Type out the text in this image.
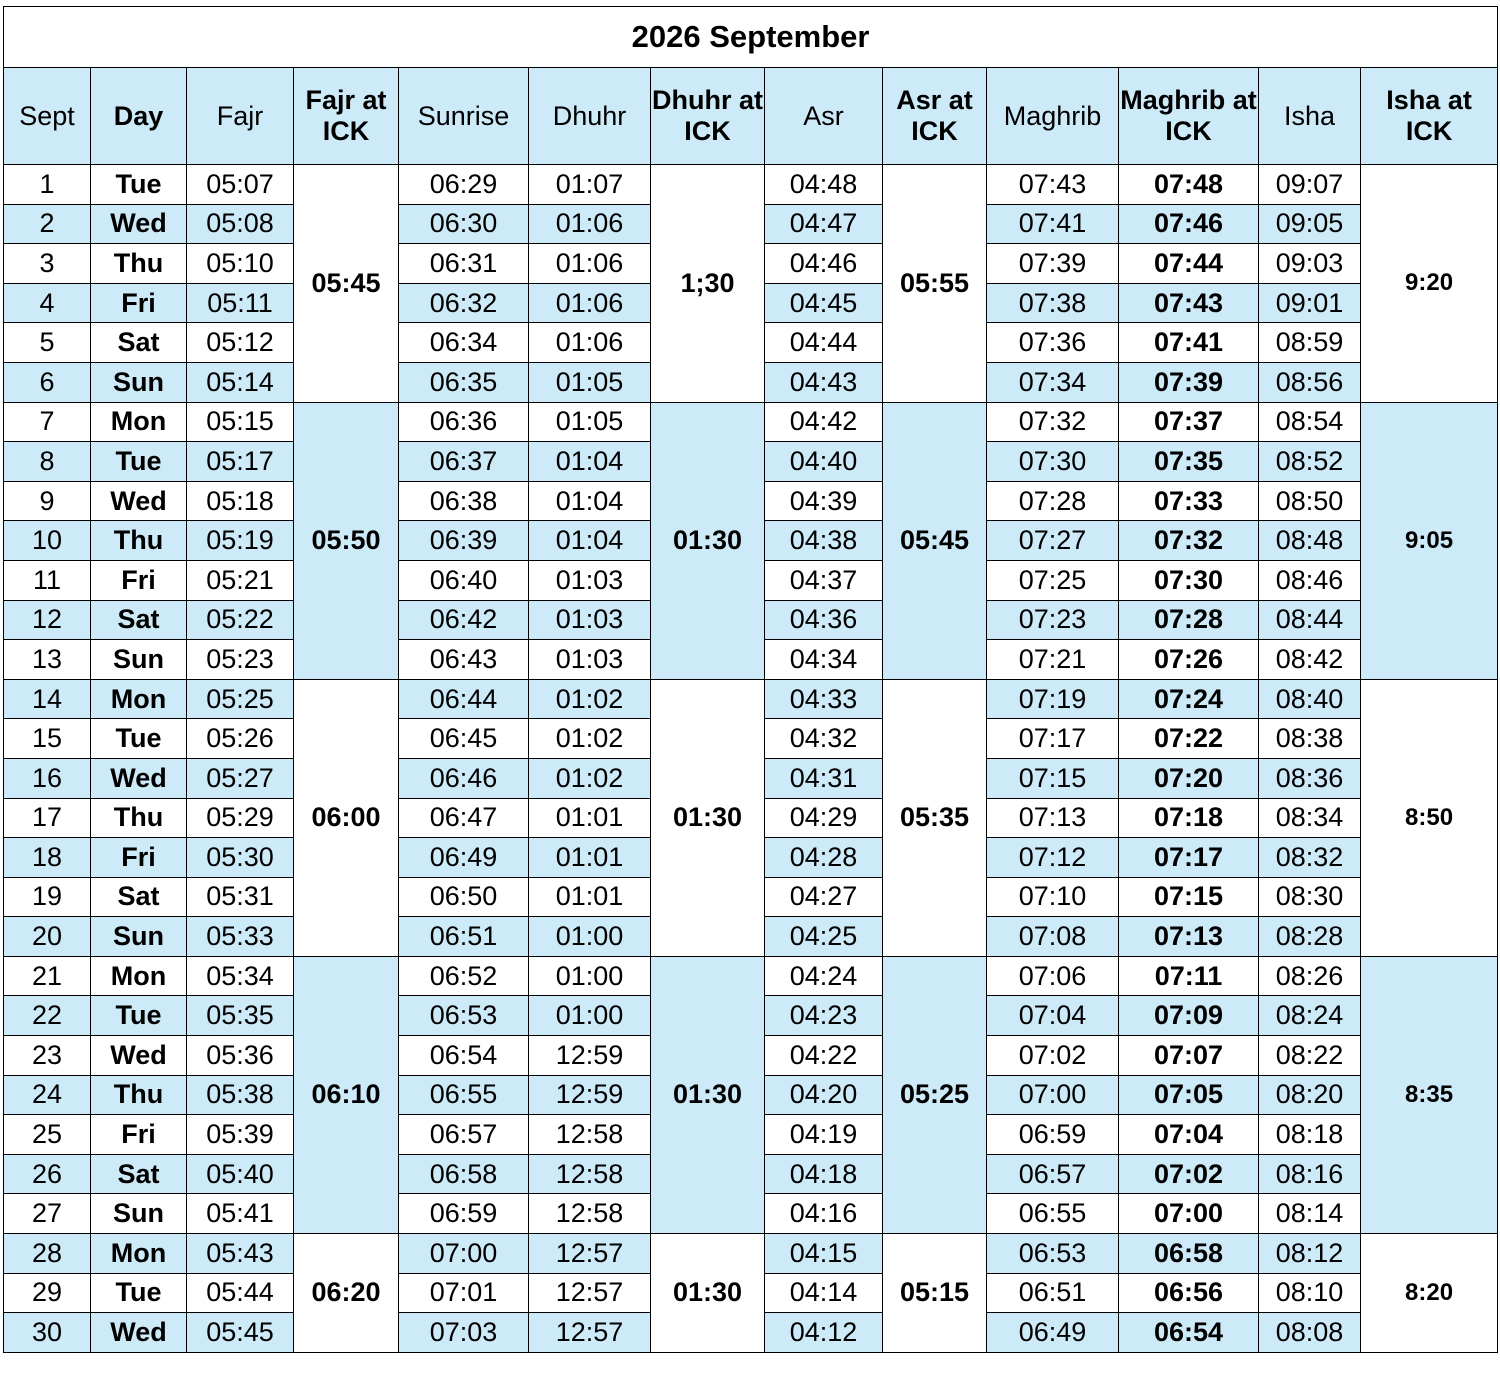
2026 September												
Sept	Day	Fajr	Fajr at ICK	Sunrise	Dhuhr	Dhuhr at ICK	Asr	Asr at ICK	Maghrib	Maghrib at ICK	Isha	Isha at ICK
1	Tue	05:07	05:45	06:29	01:07	1;30	04:48	05:55	07:43	07:48	09:07	9:20
2	Wed	05:08		06:30	01:06		04:47		07:41	07:46	09:05	
3	Thu	05:10		06:31	01:06		04:46		07:39	07:44	09:03	
4	Fri	05:11		06:32	01:06		04:45		07:38	07:43	09:01	
5	Sat	05:12		06:34	01:06		04:44		07:36	07:41	08:59	
6	Sun	05:14		06:35	01:05		04:43		07:34	07:39	08:56	
7	Mon	05:15	05:50	06:36	01:05	01:30	04:42	05:45	07:32	07:37	08:54	9:05
8	Tue	05:17		06:37	01:04		04:40		07:30	07:35	08:52	
9	Wed	05:18		06:38	01:04		04:39		07:28	07:33	08:50	
10	Thu	05:19		06:39	01:04		04:38		07:27	07:32	08:48	
11	Fri	05:21		06:40	01:03		04:37		07:25	07:30	08:46	
12	Sat	05:22		06:42	01:03		04:36		07:23	07:28	08:44	
13	Sun	05:23		06:43	01:03		04:34		07:21	07:26	08:42	
14	Mon	05:25	06:00	06:44	01:02	01:30	04:33	05:35	07:19	07:24	08:40	8:50
15	Tue	05:26		06:45	01:02		04:32		07:17	07:22	08:38	
16	Wed	05:27		06:46	01:02		04:31		07:15	07:20	08:36	
17	Thu	05:29		06:47	01:01		04:29		07:13	07:18	08:34	
18	Fri	05:30		06:49	01:01		04:28		07:12	07:17	08:32	
19	Sat	05:31		06:50	01:01		04:27		07:10	07:15	08:30	
20	Sun	05:33		06:51	01:00		04:25		07:08	07:13	08:28	
21	Mon	05:34	06:10	06:52	01:00	01:30	04:24	05:25	07:06	07:11	08:26	8:35
22	Tue	05:35		06:53	01:00		04:23		07:04	07:09	08:24	
23	Wed	05:36		06:54	12:59		04:22		07:02	07:07	08:22	
24	Thu	05:38		06:55	12:59		04:20		07:00	07:05	08:20	
25	Fri	05:39		06:57	12:58		04:19		06:59	07:04	08:18	
26	Sat	05:40		06:58	12:58		04:18		06:57	07:02	08:16	
27	Sun	05:41		06:59	12:58		04:16		06:55	07:00	08:14	
28	Mon	05:43	06:20	07:00	12:57	01:30	04:15	05:15	06:53	06:58	08:12	8:20
29	Tue	05:44		07:01	12:57		04:14		06:51	06:56	08:10	
30	Wed	05:45		07:03	12:57		04:12		06:49	06:54	08:08	
